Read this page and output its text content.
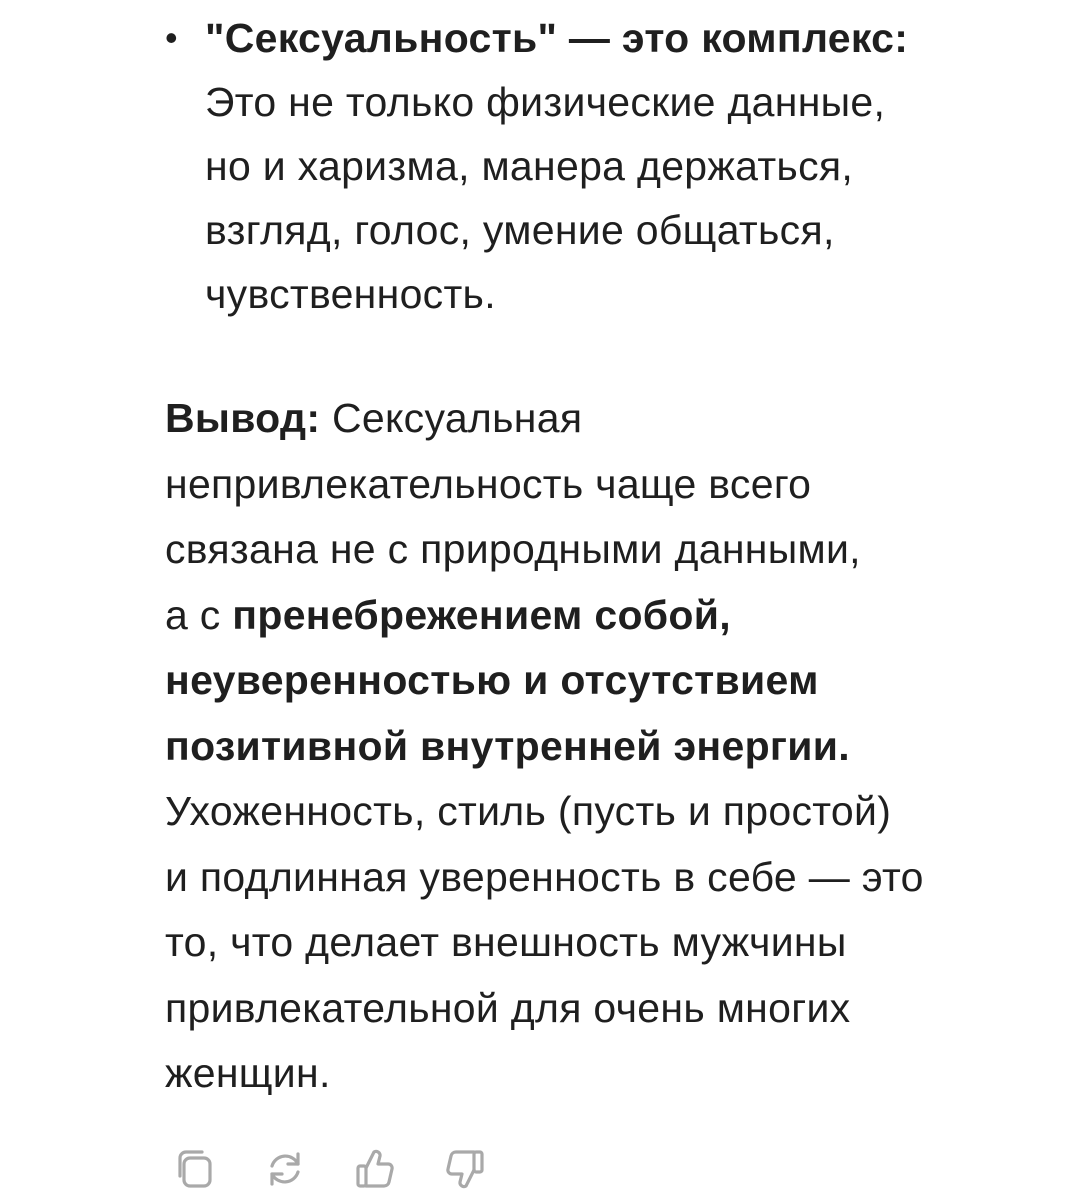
• "Сексуальность" — это комплекс:
Это не только физические данные,
но и харизма, манера держаться,
взгляд, голос, умение общаться,
чувственность.
Вывод: Сексуальная
непривлекательность чаще всего
связана не с природными данными,
а с пренебрежением собой,
неуверенностью и отсутствием
позитивной внутренней энергии.
Ухоженность, стиль (пусть и простой)
и подлинная уверенность в себе — это
то, что делает внешность мужчины
привлекательной для очень многих
женщин.
